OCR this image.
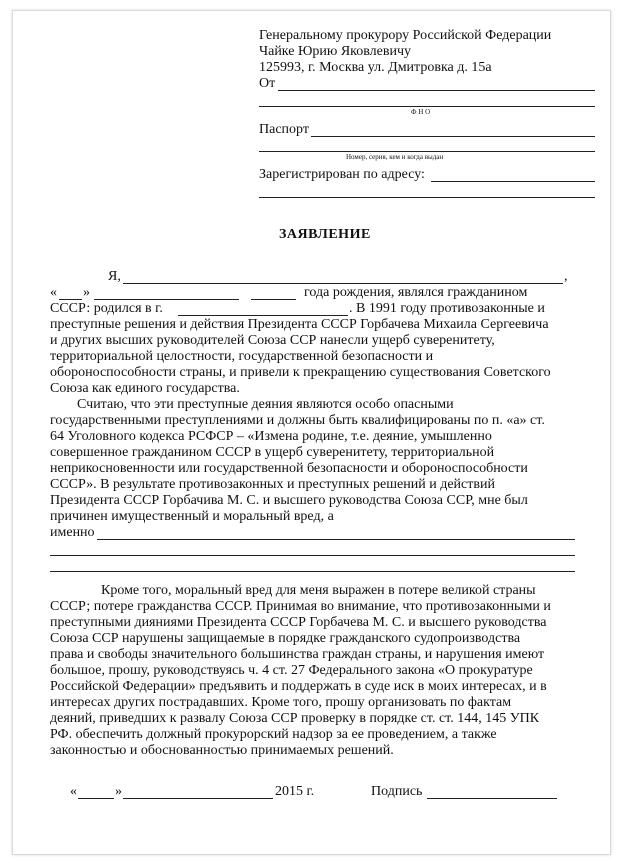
Генеральному прокурору Российской Федерации
Чайке Юрию Яковлевичу
125993, г. Москва ул. Дмитровка д. 15а
От
Ф Н О
Паспорт
Номер, серия, кем и когда выдан
Зарегистрирован по адресу:
ЗАЯВЛЕНИЕ
Я,	,
« »	года рождения, являлся гражданином
СССР: родился в г.	. В 1991 году противозаконные и
преступные решения и действия Президента СССР Горбачева Михаила Сергеевича
и других высших руководителей Союза ССР нанесли ущерб суверенитету,
территориальной целостности, государственной безопасности и
обороноспособности страны, и привели к прекращению существования Советского
Союза как единого государства.
Считаю, что эти преступные деяния являются особо опасными
государственными преступлениями и должны быть квалифицированы по п. «а» ст.
64 Уголовного кодекса РСФСР – «Измена родине, т.е. деяние, умышленно
совершенное гражданином СССР в ущерб суверенитету, территориальной
неприкосновенности или государственной безопасности и обороноспособности
СССР». В результате противозаконных и преступных решений и действий
Президента СССР Горбачива М. С. и высшего руководства Союза ССР, мне был
причинен имущественный и моральный вред, а
именно
Кроме того, моральный вред для меня выражен в потере великой страны
СССР; потере гражданства СССР. Принимая во внимание, что противозаконными и
преступными дияниями Президента СССР Горбачева М. С. и высшего руководства
Союза ССР нарушены защищаемые в порядке гражданского судопроизводства
права и свободы значительного большинства граждан страны, и нарушения имеют
большое, прошу, руководствуясь ч. 4 ст. 27 Федерального закона «О прокуратуре
Российской Федерации» предъявить и поддержать в суде иск в моих интересах, и в
интересах других пострадавших. Кроме того, прошу организовать по фактам
деяний, приведших к развалу Союза ССР проверку в порядке ст. ст. 144, 145 УПК
РФ. обеспечить должный прокурорский надзор за ее проведением, а также
законностью и обоснованностью принимаемых решений.
«	»	2015 г.	Подпись
